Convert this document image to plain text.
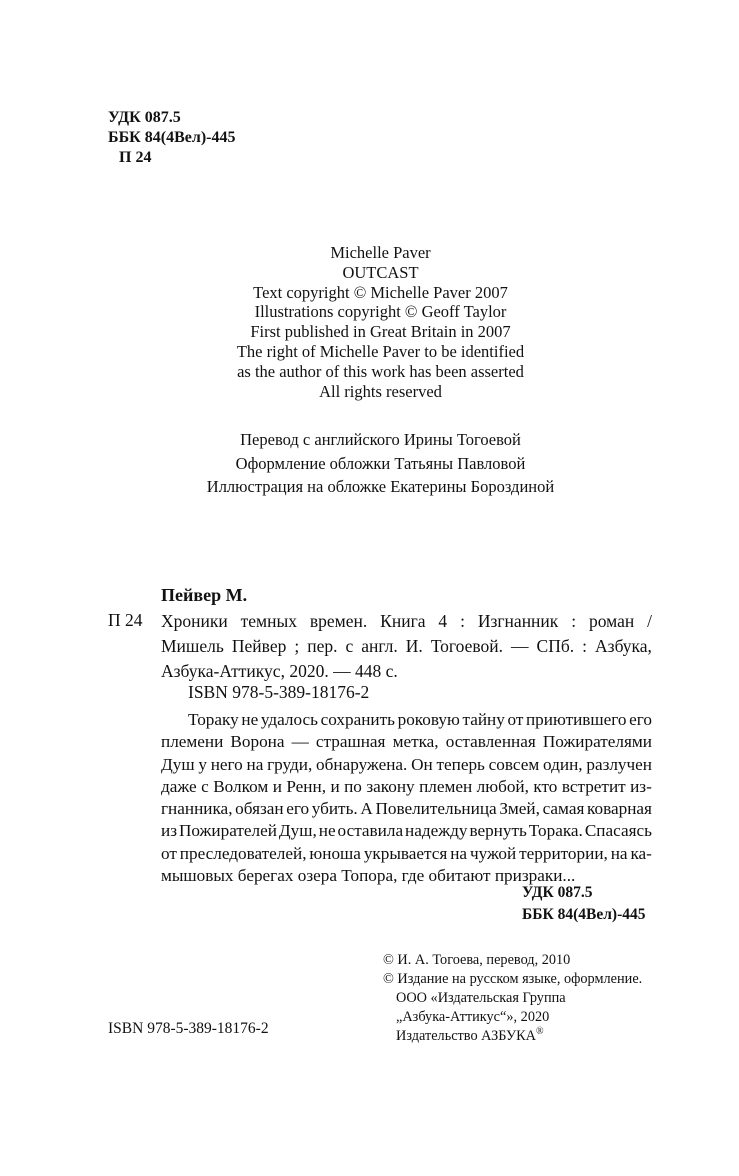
УДК 087.5
ББК 84(4Вел)-445
П 24
Michelle Paver
OUTCAST
Text copyright © Michelle Paver 2007
Illustrations copyright © Geoff Taylor
First published in Great Britain in 2007
The right of Michelle Paver to be identified
as the author of this work has been asserted
All rights reserved
Перевод с английского Ирины Тогоевой
Оформление обложки Татьяны Павловой
Иллюстрация на обложке Екатерины Бороздиной
Пейвер М.
П 24 Хроники темных времен. Книга 4 : Изгнанник : роман /
Мишель Пейвер ; пер. с англ. И. Тогоевой. — СПб. : Азбука,
Азбука-Аттикус, 2020. — 448 с.
ISBN 978-5-389-18176-2
Тораку не удалось сохранить роковую тайну от приютившего его
племени Ворона — страшная метка, оставленная Пожирателями
Душ у него на груди, обнаружена. Он теперь совсем один, разлучен
даже с Волком и Ренн, и по закону племен любой, кто встретит из-
гнанника, обязан его убить. А Повелительница Змей, самая коварная
из Пожирателей Душ, не оставила надежду вернуть Торака. Спасаясь
от преследователей, юноша укрывается на чужой территории, на ка-
мышовых берегах озера Топора, где обитают призраки...
УДК 087.5
ББК 84(4Вел)-445
ISBN 978-5-389-18176-2
© И. А. Тогоева, перевод, 2010
© Издание на русском языке, оформление.
ООО «Издательская Группа
„Азбука-Аттикус“», 2020
Издательство АЗБУКА®
